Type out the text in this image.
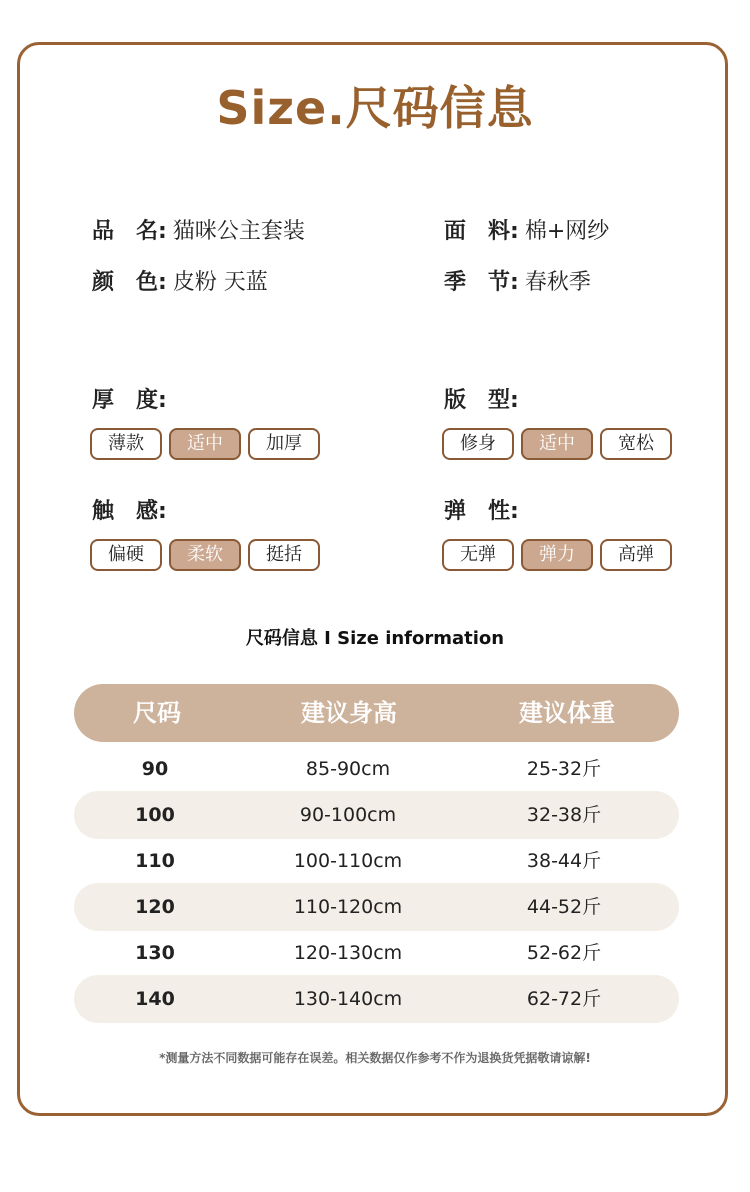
Size.尺码信息
品　名: 猫咪公主套装	面　料: 棉+网纱
颜　色: 皮粉 天蓝	季　节: 春秋季
厚　度:
薄款	适中	加厚
版　型:
修身	适中	宽松
触　感:
偏硬	柔软	挺括
弹　性:
无弹	弹力	高弹
尺码信息 I Size information
尺码	建议身高	建议体重
90	85-90cm	25-32斤
100	90-100cm	32-38斤
110	100-110cm	38-44斤
120	110-120cm	44-52斤
130	120-130cm	52-62斤
140	130-140cm	62-72斤
*测量方法不同数据可能存在误差。相关数据仅作参考不作为退换货凭据敬请谅解!
